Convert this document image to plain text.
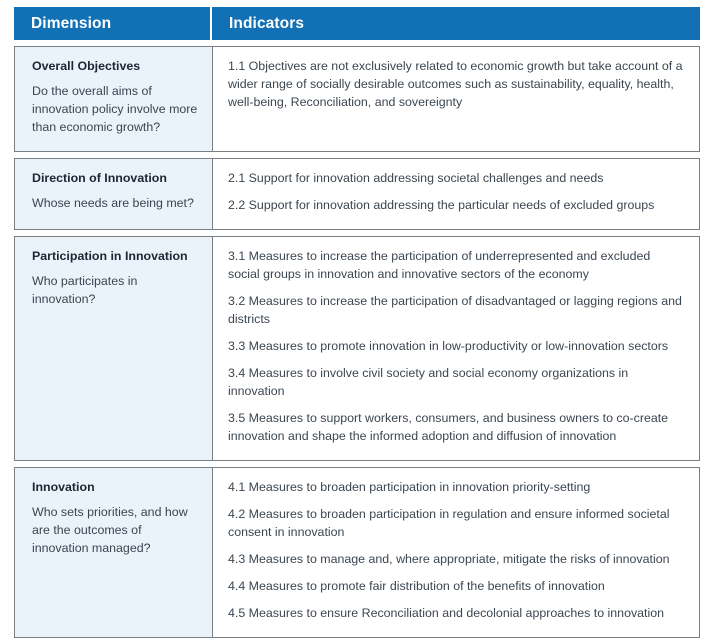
Dimension	Indicators

Overall Objectives

Do the overall aims of innovation policy involve more than economic growth?

1.1 Objectives are not exclusively related to economic growth but take account of a wider range of socially desirable outcomes such as sustainability, equality, health, well-being, Reconciliation, and sovereignty

Direction of Innovation

Whose needs are being met?

2.1 Support for innovation addressing societal challenges and needs

2.2 Support for innovation addressing the particular needs of excluded groups

Participation in Innovation

Who participates in innovation?

3.1 Measures to increase the participation of underrepresented and excluded social groups in innovation and innovative sectors of the economy

3.2 Measures to increase the participation of disadvantaged or lagging regions and districts

3.3 Measures to promote innovation in low-productivity or low-innovation sectors

3.4 Measures to involve civil society and social economy organizations in innovation

3.5 Measures to support workers, consumers, and business owners to co-create innovation and shape the informed adoption and diffusion of innovation

Innovation

Who sets priorities, and how are the outcomes of innovation managed?

4.1 Measures to broaden participation in innovation priority-setting

4.2 Measures to broaden participation in regulation and ensure informed societal consent in innovation

4.3 Measures to manage and, where appropriate, mitigate the risks of innovation

4.4 Measures to promote fair distribution of the benefits of innovation

4.5 Measures to ensure Reconciliation and decolonial approaches to innovation
